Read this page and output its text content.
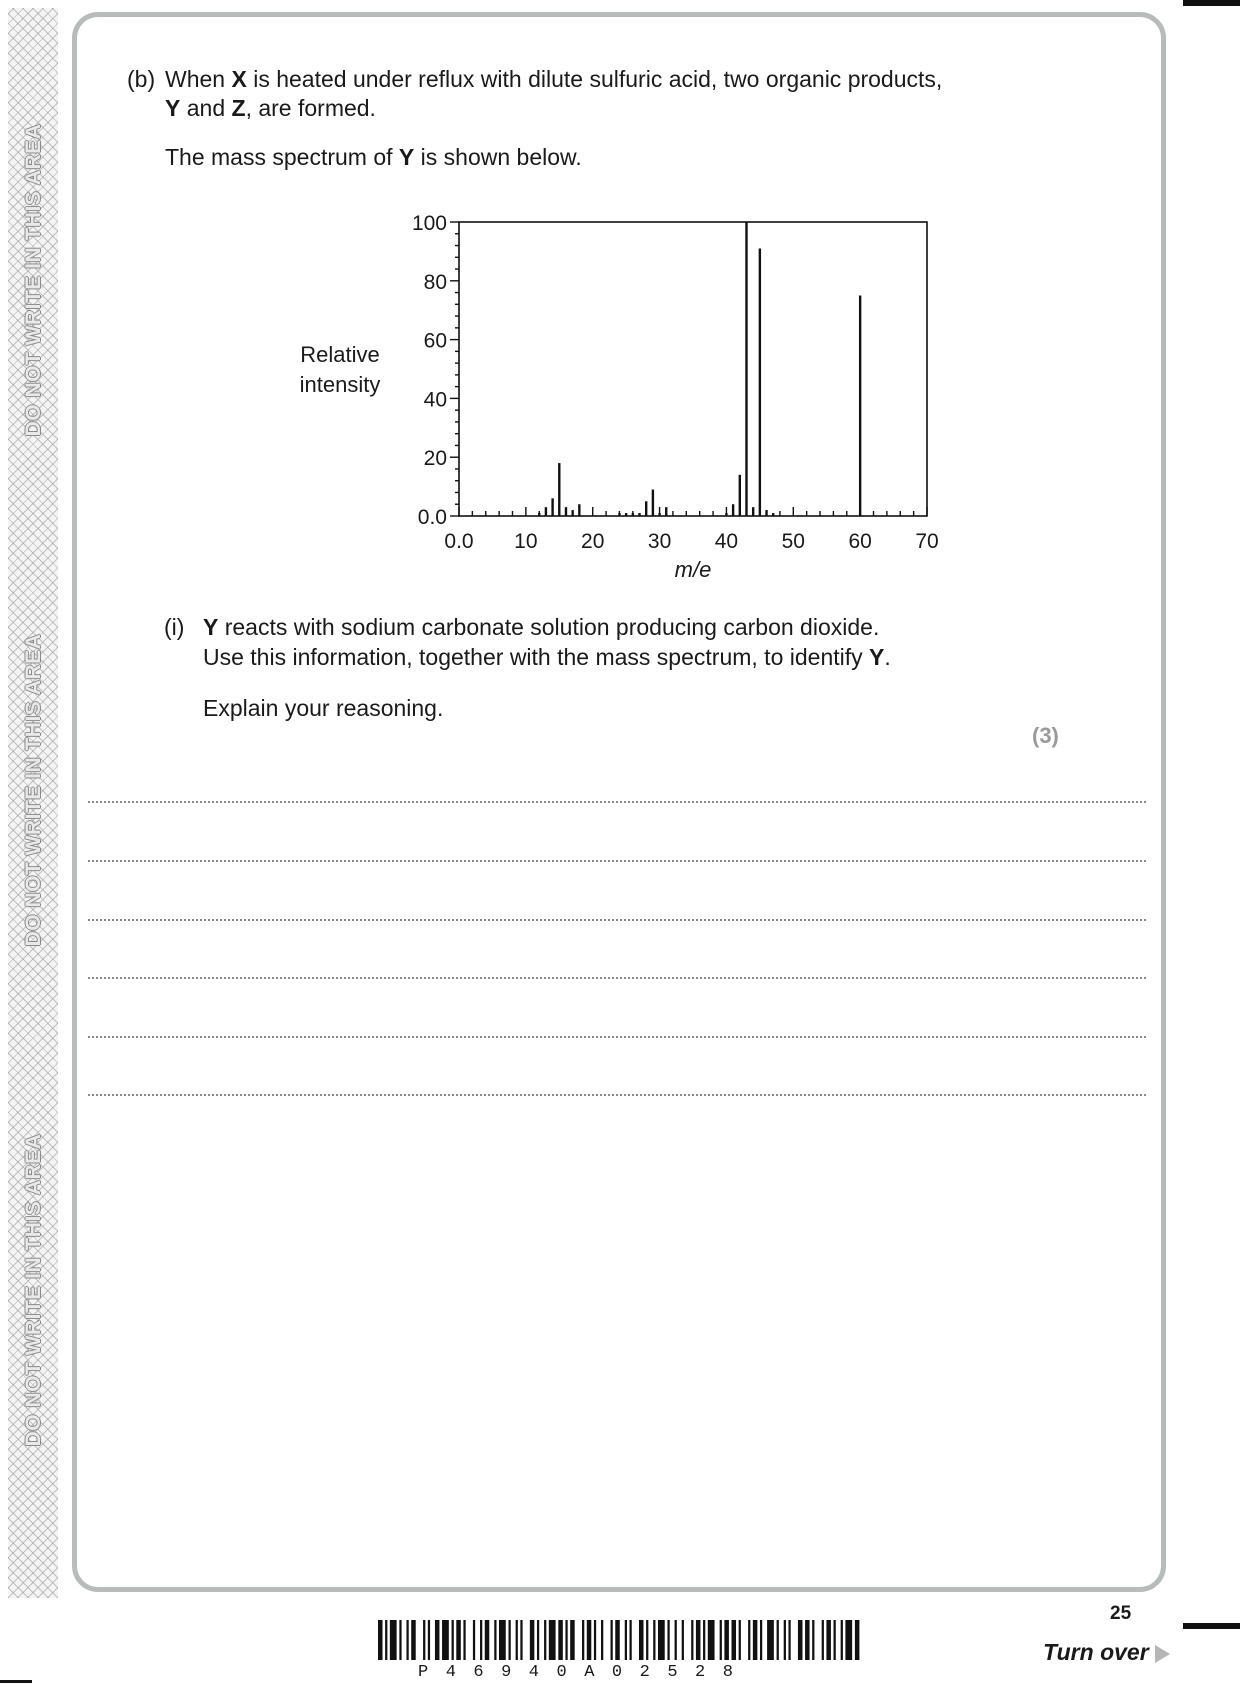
DO NOT WRITE IN THIS AREA
DO NOT WRITE IN THIS AREA
DO NOT WRITE IN THIS AREA
(b) When X is heated under reflux with dilute sulfuric acid, two organic products,
Y and Z, are formed.
The mass spectrum of Y is shown below.
0.0
20
40
60
80
100
0.0 10 20 30 40 50 60 70
Relative
intensity
m/e
(i) Y reacts with sodium carbonate solution producing carbon dioxide.
Use this information, together with the mass spectrum, to identify Y.
Explain your reasoning.
(3)
P46940A02528
25
Turn over
